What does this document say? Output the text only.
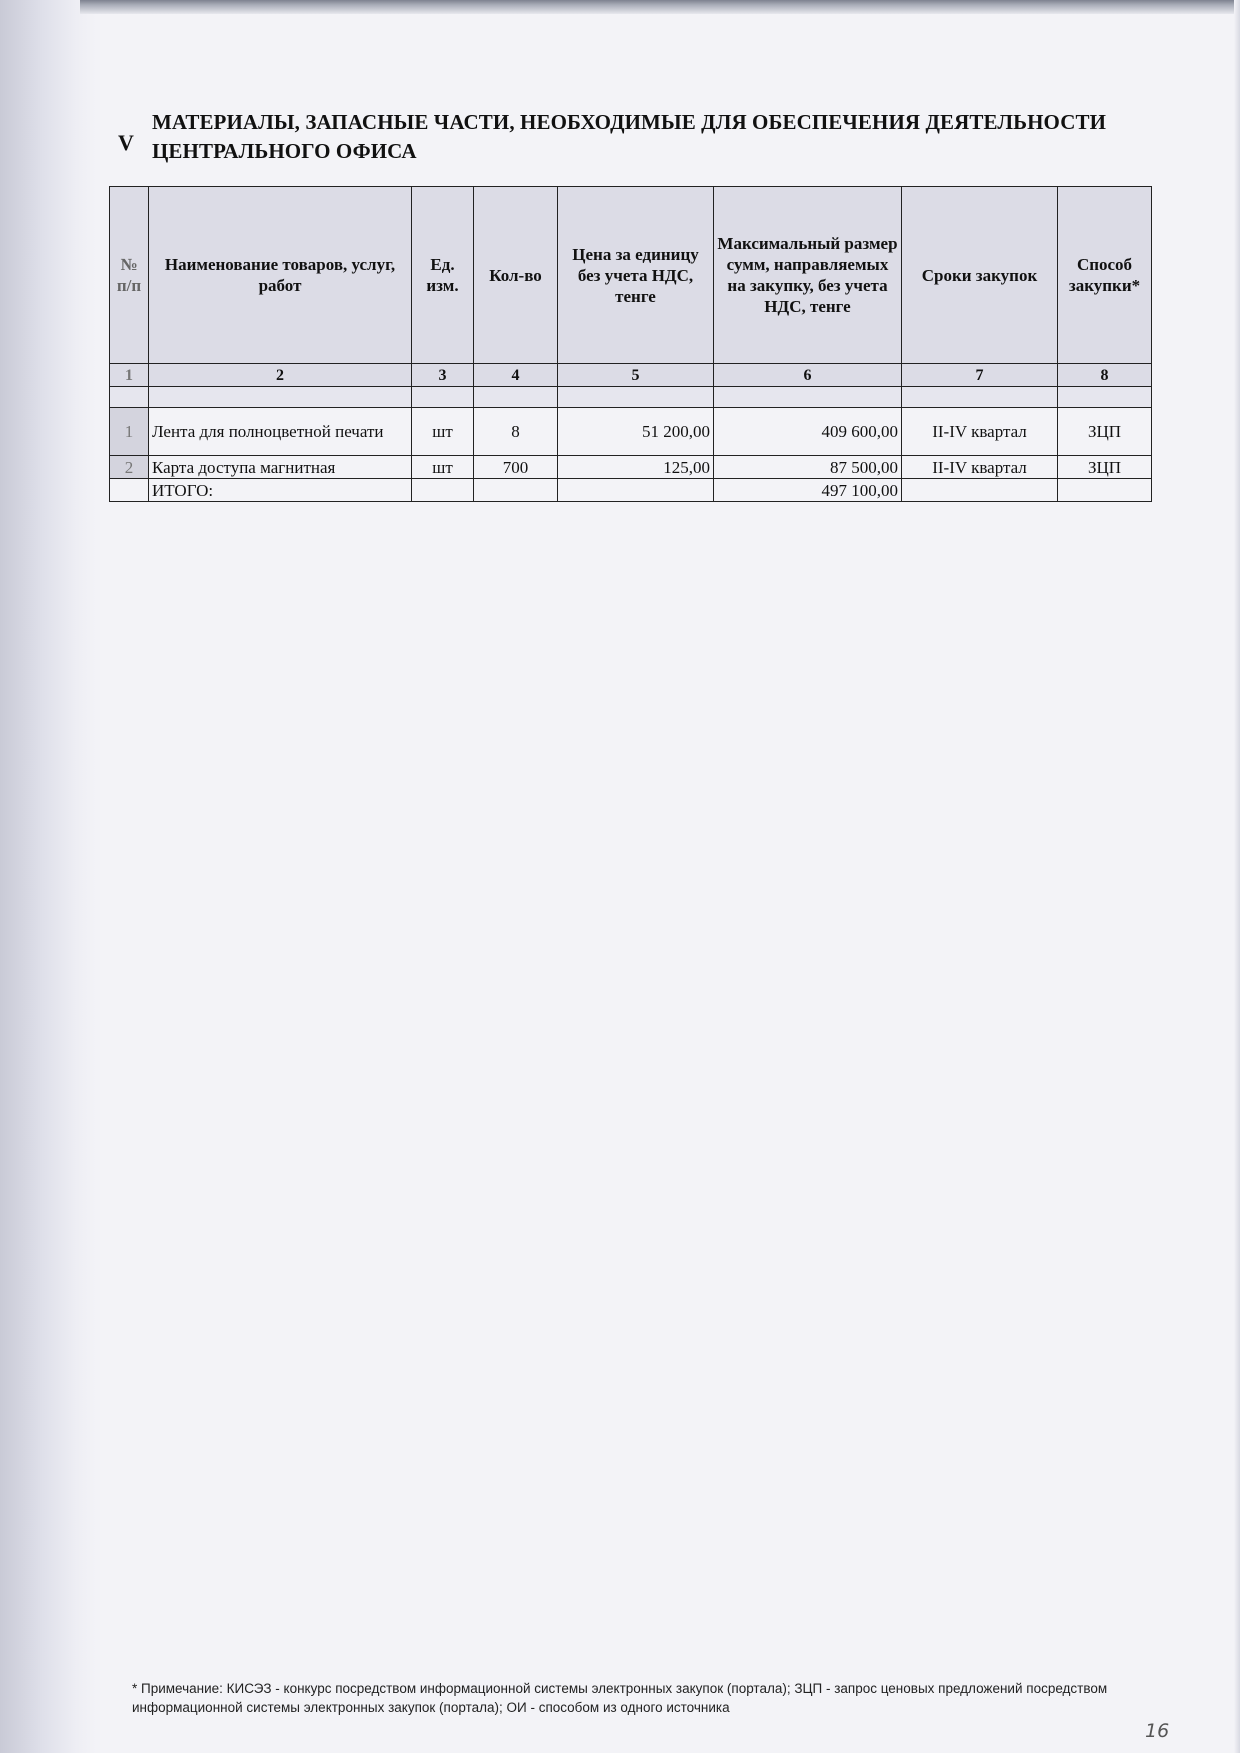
V
МАТЕРИАЛЫ, ЗАПАСНЫЕ ЧАСТИ, НЕОБХОДИМЫЕ ДЛЯ ОБЕСПЕЧЕНИЯ ДЕЯТЕЛЬНОСТИ ЦЕНТРАЛЬНОГО ОФИСА
№ п/п	Наименование товаров, услуг, работ	Ед. изм.	Кол-во	Цена за единицу без учета НДС, тенге	Максимальный размер сумм, направляемых на закупку, без учета НДС, тенге	Сроки закупок	Способ закупки*
1	2	3	4	5	6	7	8

1	Лента для полноцветной печати	шт	8	51 200,00	409 600,00	II-IV квартал	ЗЦП
2	Карта доступа магнитная	шт	700	125,00	87 500,00	II-IV квартал	ЗЦП
	ИТОГО:				497 100,00		
* Примечание: КИСЭЗ - конкурс посредством информационной системы электронных закупок (портала); ЗЦП - запрос ценовых предложений посредством информационной системы электронных закупок (портала); ОИ - способом из одного источника
16
